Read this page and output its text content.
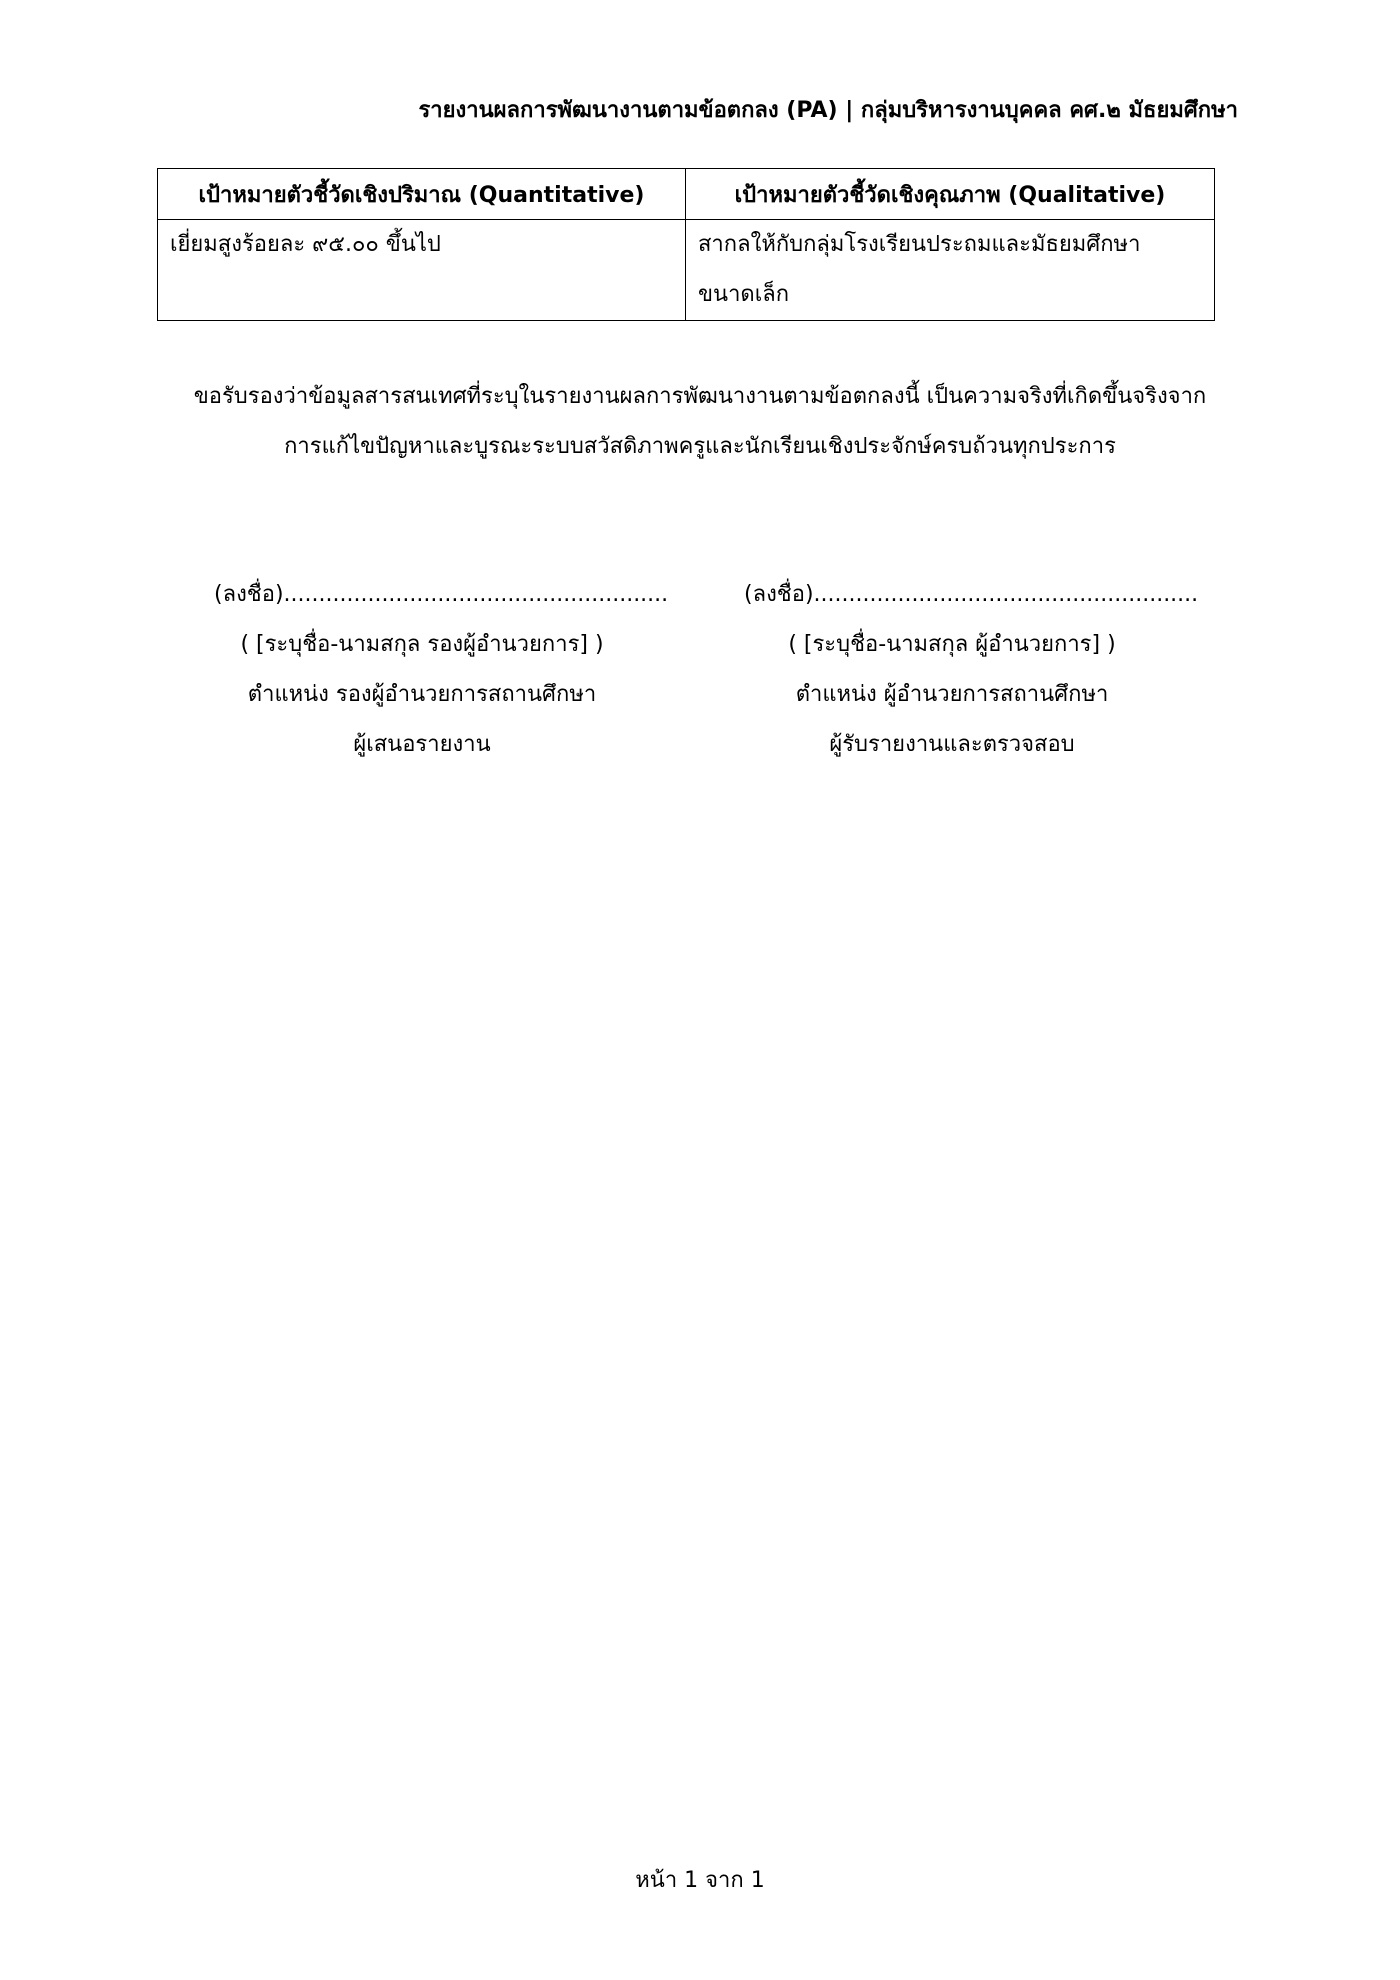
รายงานผลการพัฒนางานตามข้อตกลง (PA) | กลุ่มบริหารงานบุคคล คศ.๒ มัธยมศึกษา
เป้าหมายตัวชี้วัดเชิงปริมาณ (Quantitative)	เป้าหมายตัวชี้วัดเชิงคุณภาพ (Qualitative)
เยี่ยมสูงร้อยละ ๙๕.๐๐ ขึ้นไป	สากลให้กับกลุ่มโรงเรียนประถมและมัธยมศึกษา
ขนาดเล็ก
ขอรับรองว่าข้อมูลสารสนเทศที่ระบุในรายงานผลการพัฒนางานตามข้อตกลงนี้ เป็นความจริงที่เกิดขึ้นจริงจาก
การแก้ไขปัญหาและบูรณะระบบสวัสดิภาพครูและนักเรียนเชิงประจักษ์ครบถ้วนทุกประการ
(ลงชื่อ).......................................................
( [ระบุชื่อ-นามสกุล รองผู้อำนวยการ] )
ตำแหน่ง รองผู้อำนวยการสถานศึกษา
ผู้เสนอรายงาน
(ลงชื่อ).......................................................
( [ระบุชื่อ-นามสกุล ผู้อำนวยการ] )
ตำแหน่ง ผู้อำนวยการสถานศึกษา
ผู้รับรายงานและตรวจสอบ
หน้า 1 จาก 1
